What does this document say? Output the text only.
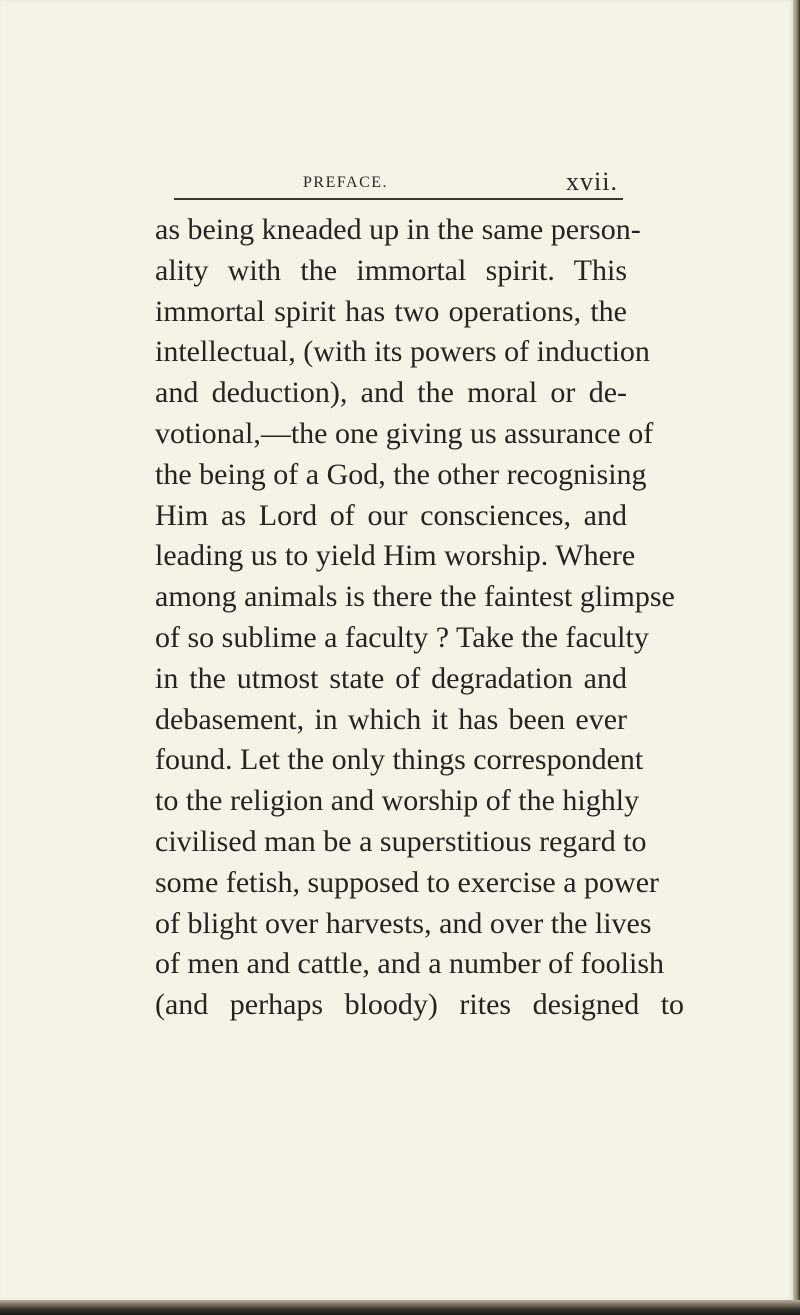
PREFACE.	xvii.
as being kneaded up in the same person-
ality with the immortal spirit. This
immortal spirit has two operations, the
intellectual, (with its powers of induction
and deduction), and the moral or de-
votional,—the one giving us assurance of
the being of a God, the other recognising
Him as Lord of our consciences, and
leading us to yield Him worship. Where
among animals is there the faintest glimpse
of so sublime a faculty ? Take the faculty
in the utmost state of degradation and
debasement, in which it has been ever
found. Let the only things correspondent
to the religion and worship of the highly
civilised man be a superstitious regard to
some fetish, supposed to exercise a power
of blight over harvests, and over the lives
of men and cattle, and a number of foolish
(and perhaps bloody) rites designed to
